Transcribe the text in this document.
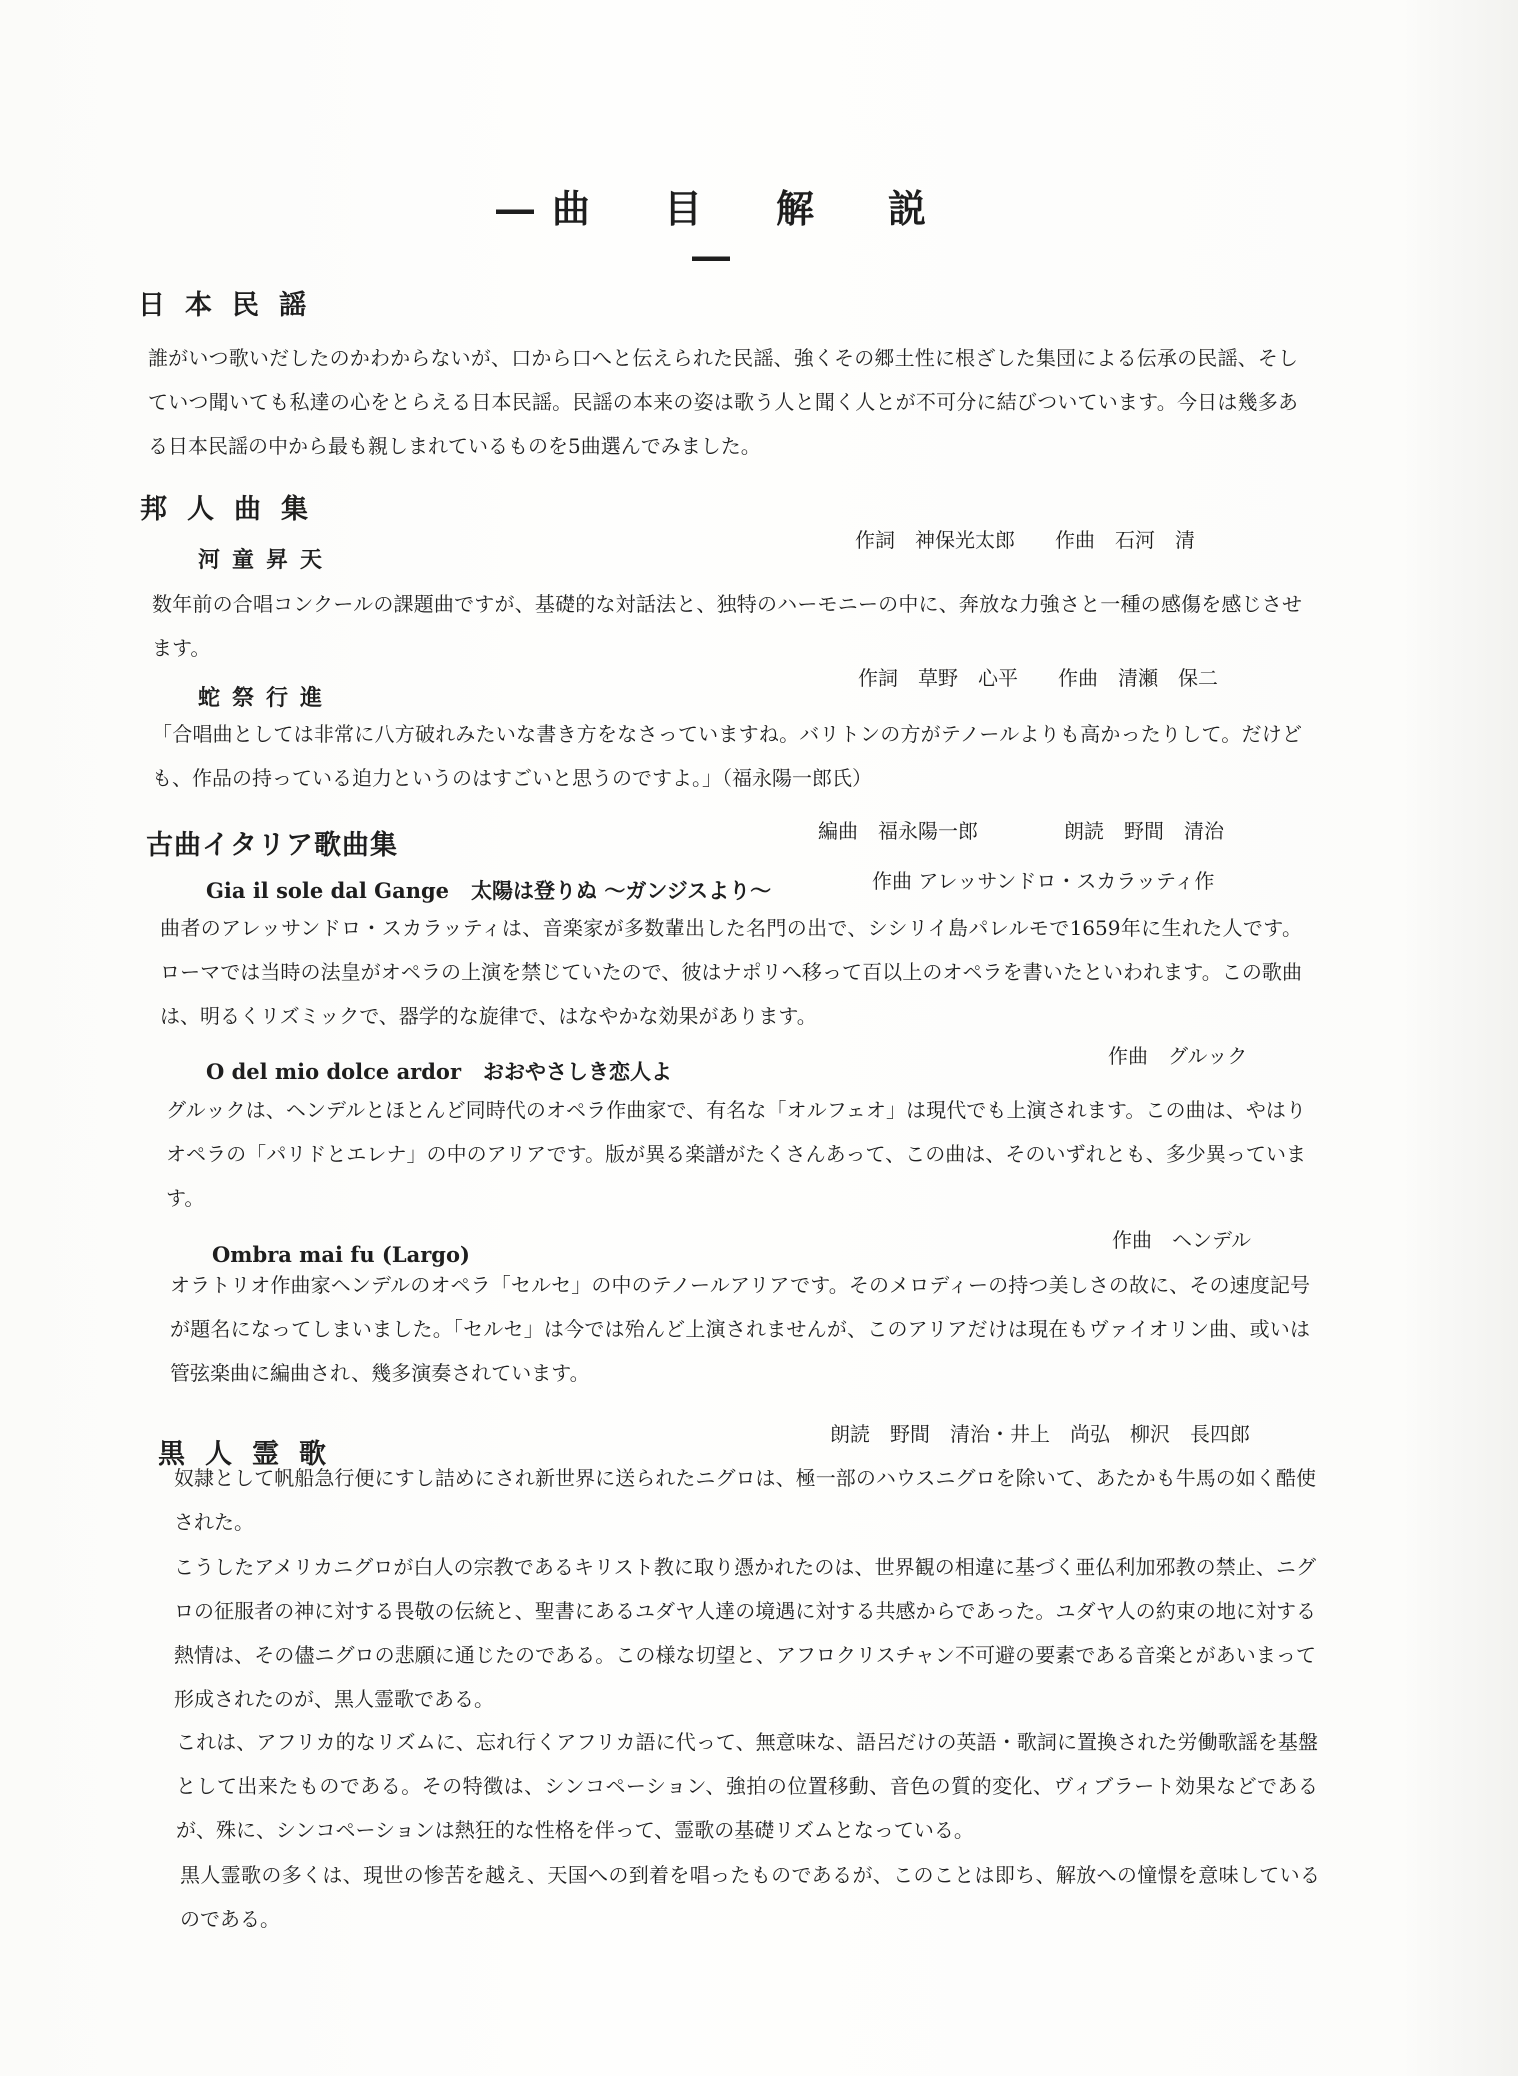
―曲　目　解　説―
日本民謡
誰がいつ歌いだしたのかわからないが、口から口へと伝えられた民謡、強くその郷土性に根ざした集団による伝承の民謡、そしていつ聞いても私達の心をとらえる日本民謡。民謡の本来の姿は歌う人と聞く人とが不可分に結びついています。今日は幾多ある日本民謡の中から最も親しまれているものを5曲選んでみました。
邦人曲集
河童昇天
作詞　神保光太郎 作曲　石河　清
数年前の合唱コンクールの課題曲ですが、基礎的な対話法と、独特のハーモニーの中に、奔放な力強さと一種の感傷を感じさせます。
蛇祭行進
作詞　草野　心平 作曲　清瀬　保二
「合唱曲としては非常に八方破れみたいな書き方をなさっていますね。バリトンの方がテノールよりも高かったりして。だけども、作品の持っている迫力というのはすごいと思うのですよ。」（福永陽一郎氏）
古曲イタリア歌曲集	編曲　福永陽一郎	朗読　野間　清治
Gia il sole dal Gange 太陽は登りぬ ～ガンジスより～	作曲 アレッサンドロ・スカラッティ作
曲者のアレッサンドロ・スカラッティは、音楽家が多数輩出した名門の出で、シシリイ島パレルモで1659年に生れた人です。ローマでは当時の法皇がオペラの上演を禁じていたので、彼はナポリへ移って百以上のオペラを書いたといわれます。この歌曲は、明るくリズミックで、器学的な旋律で、はなやかな効果があります。
O del mio dolce ardor おおやさしき恋人よ
作曲　グルック
グルックは、ヘンデルとほとんど同時代のオペラ作曲家で、有名な「オルフェオ」は現代でも上演されます。この曲は、やはりオペラの「パリドとエレナ」の中のアリアです。版が異る楽譜がたくさんあって、この曲は、そのいずれとも、多少異っています。
Ombra mai fu (Largo)
作曲　ヘンデル
オラトリオ作曲家ヘンデルのオペラ「セルセ」の中のテノールアリアです。そのメロディーの持つ美しさの故に、その速度記号が題名になってしまいました。「セルセ」は今では殆んど上演されませんが、このアリアだけは現在もヴァイオリン曲、或いは管弦楽曲に編曲され、幾多演奏されています。
黒人霊歌
朗読　野間　清治・井上　尚弘　柳沢　長四郎
奴隷として帆船急行便にすし詰めにされ新世界に送られたニグロは、極一部のハウスニグロを除いて、あたかも牛馬の如く酷使された。
こうしたアメリカニグロが白人の宗教であるキリスト教に取り憑かれたのは、世界観の相違に基づく亜仏利加邪教の禁止、ニグロの征服者の神に対する畏敬の伝統と、聖書にあるユダヤ人達の境遇に対する共感からであった。ユダヤ人の約束の地に対する熱情は、その儘ニグロの悲願に通じたのである。この様な切望と、アフロクリスチャン不可避の要素である音楽とがあいまって形成されたのが、黒人霊歌である。
これは、アフリカ的なリズムに、忘れ行くアフリカ語に代って、無意味な、語呂だけの英語・歌詞に置換された労働歌謡を基盤として出来たものである。その特徴は、シンコペーション、強拍の位置移動、音色の質的変化、ヴィブラート効果などであるが、殊に、シンコペーションは熱狂的な性格を伴って、霊歌の基礎リズムとなっている。
黒人霊歌の多くは、現世の惨苦を越え、天国への到着を唱ったものであるが、このことは即ち、解放への憧憬を意味しているのである。
